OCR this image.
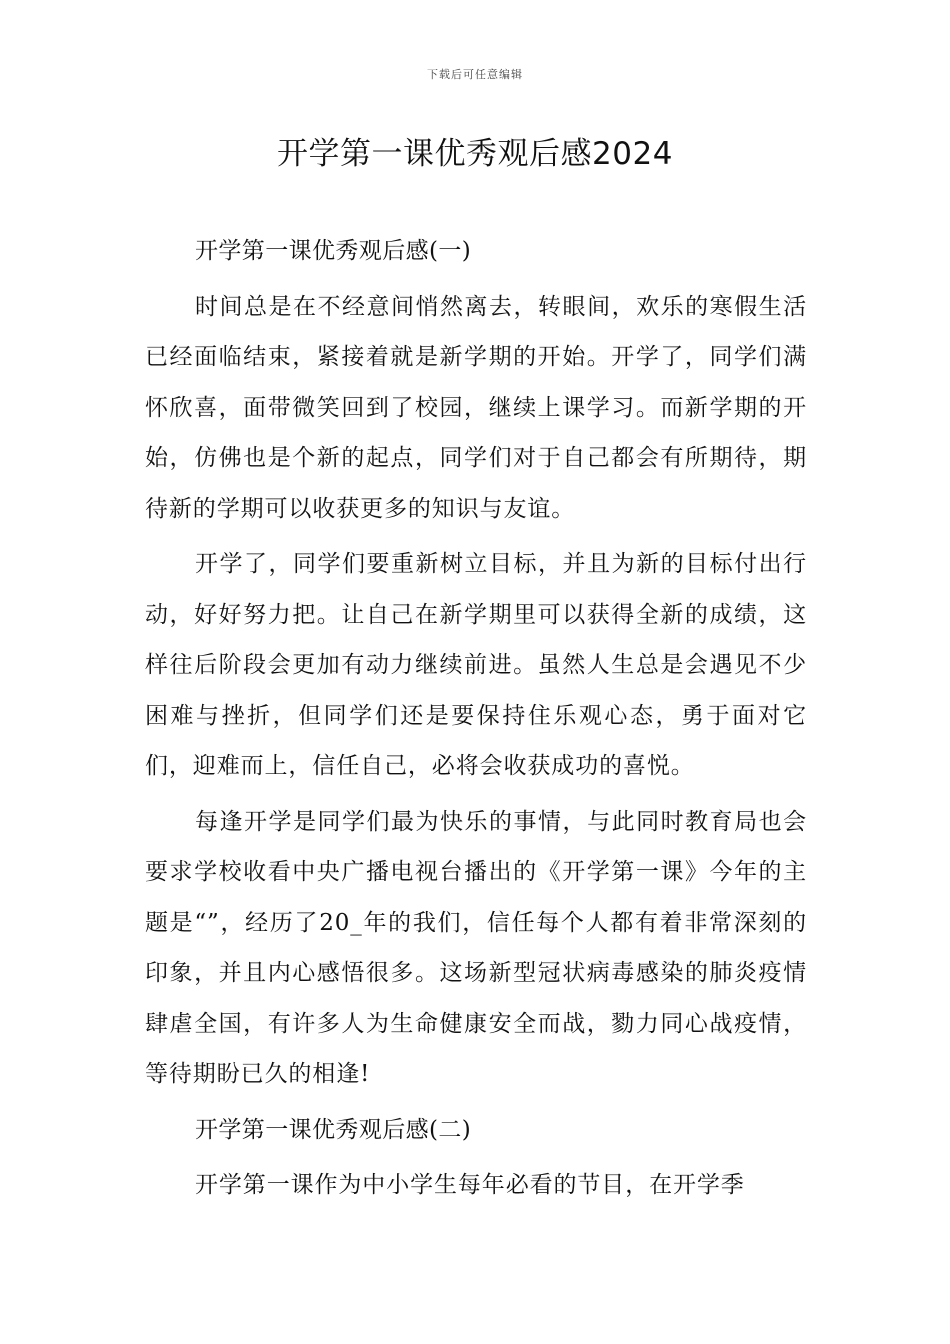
下载后可任意编辑
开学第一课优秀观后感2024

开学第一课优秀观后感(一)

时间总是在不经意间悄然离去，转眼间，欢乐的寒假生活已经面临结束，紧接着就是新学期的开始。开学了，同学们满怀欣喜，面带微笑回到了校园，继续上课学习。而新学期的开始，仿佛也是个新的起点，同学们对于自己都会有所期待，期待新的学期可以收获更多的知识与友谊。

开学了，同学们要重新树立目标，并且为新的目标付出行动，好好努力把。让自己在新学期里可以获得全新的成绩，这样往后阶段会更加有动力继续前进。虽然人生总是会遇见不少困难与挫折，但同学们还是要保持住乐观心态，勇于面对它们，迎难而上，信任自己，必将会收获成功的喜悦。

每逢开学是同学们最为快乐的事情，与此同时教育局也会要求学校收看中央广播电视台播出的《开学第一课》今年的主题是“”，经历了20_年的我们，信任每个人都有着非常深刻的印象，并且内心感悟很多。这场新型冠状病毒感染的肺炎疫情肆虐全国，有许多人为生命健康安全而战，勠力同心战疫情，等待期盼已久的相逢!

开学第一课优秀观后感(二)

开学第一课作为中小学生每年必看的节目，在开学季
